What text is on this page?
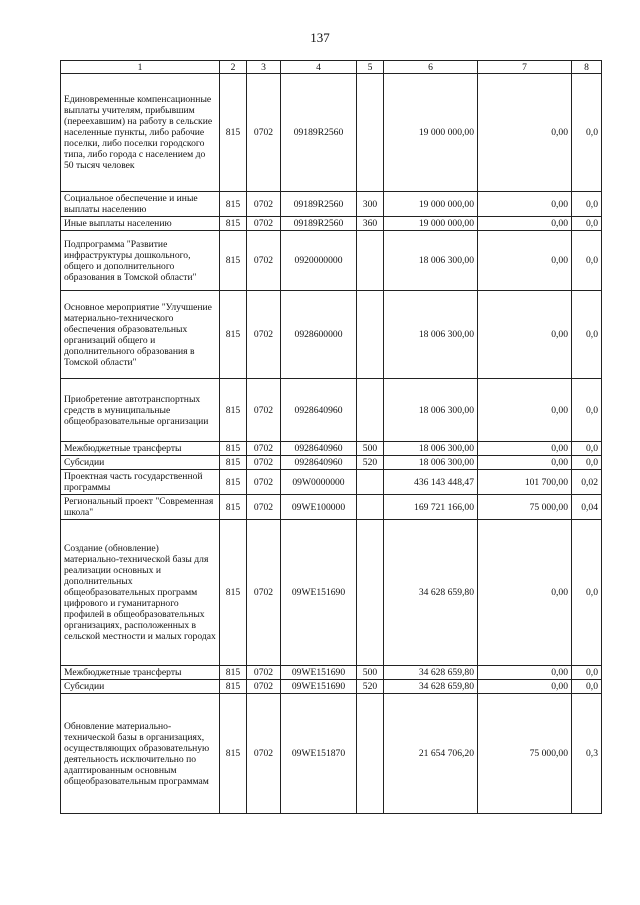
137
1	2	3	4	5	6	7	8
Единовременные компенсационные выплаты учителям, прибывшим (переехавшим) на работу в сельские населенные пункты, либо рабочие поселки, либо поселки городского типа, либо города с населением до 50 тысяч человек	815	0702	09189R2560		19 000 000,00	0,00	0,0
Социальное обеспечение и иные выплаты населению	815	0702	09189R2560	300	19 000 000,00	0,00	0,0
Иные выплаты населению	815	0702	09189R2560	360	19 000 000,00	0,00	0,0
Подпрограмма "Развитие инфраструктуры дошкольного, общего и дополнительного образования в Томской области"	815	0702	0920000000		18 006 300,00	0,00	0,0
Основное мероприятие "Улучшение материально-технического обеспечения образовательных организаций общего и дополнительного образования в Томской области"	815	0702	0928600000		18 006 300,00	0,00	0,0
Приобретение автотранспортных средств в муниципальные общеобразовательные организации	815	0702	0928640960		18 006 300,00	0,00	0,0
Межбюджетные трансферты	815	0702	0928640960	500	18 006 300,00	0,00	0,0
Субсидии	815	0702	0928640960	520	18 006 300,00	0,00	0,0
Проектная часть государственной программы	815	0702	09W0000000		436 143 448,47	101 700,00	0,02
Региональный проект "Современная школа"	815	0702	09WE100000		169 721 166,00	75 000,00	0,04
Создание (обновление) материально-технической базы для реализации основных и дополнительных общеобразовательных программ цифрового и гуманитарного профилей в общеобразовательных организациях, расположенных в сельской местности и малых городах	815	0702	09WE151690		34 628 659,80	0,00	0,0
Межбюджетные трансферты	815	0702	09WE151690	500	34 628 659,80	0,00	0,0
Субсидии	815	0702	09WE151690	520	34 628 659,80	0,00	0,0
Обновление материально-технической базы в организациях, осуществляющих образовательную деятельность исключительно по адаптированным основным общеобразовательным программам	815	0702	09WE151870		21 654 706,20	75 000,00	0,3
